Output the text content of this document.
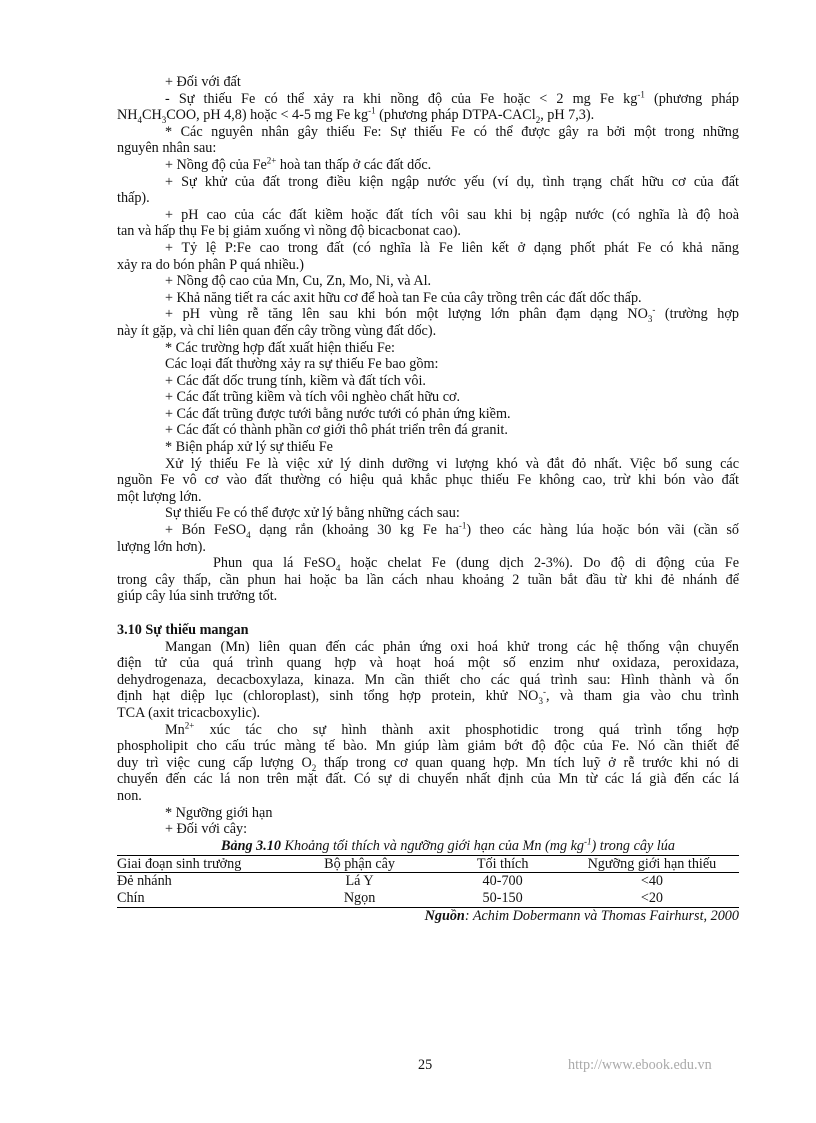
+ Đối với đất
- Sự thiếu Fe có thể xảy ra khi nồng độ của Fe hoặc < 2 mg Fe $kg^{-1}$ (phương pháp
$NH_4CH_3COO$, pH 4,8) hoặc < 4-5 mg Fe $kg^{-1}$ (phương pháp DTPA-CACl$_2$, pH 7,3).
* Các nguyên nhân gây thiếu Fe: Sự thiếu Fe có thể được gây ra bởi một trong những
nguyên nhân sau:
+ Nồng độ của $Fe^{2+}$ hoà tan thấp ở các đất dốc.
+ Sự khử của đất trong điều kiện ngập nước yếu (ví dụ, tình trạng chất hữu cơ của đất
thấp).
+ pH cao của các đất kiềm hoặc đất tích vôi sau khi bị ngập nước (có nghĩa là độ hoà
tan và hấp thụ Fe bị giảm xuống vì nồng độ bicacbonat cao).
+ Tỷ lệ P:Fe cao trong đất (có nghĩa là Fe liên kết ở dạng phốt phát Fe có khả năng
xảy ra do bón phân P quá nhiều.)
+ Nồng độ cao của Mn, Cu, Zn, Mo, Ni, và Al.
+ Khả năng tiết ra các axit hữu cơ để hoà tan Fe của cây trồng trên các đất dốc thấp.
+ pH vùng rễ tăng lên sau khi bón một lượng lớn phân đạm dạng $NO_3^-$ (trường hợp
này ít gặp, và chỉ liên quan đến cây trồng vùng đất dốc).
* Các trường hợp đất xuất hiện thiếu Fe:
Các loại đất thường xảy ra sự thiếu Fe bao gồm:
+ Các đất dốc trung tính, kiềm và đất tích vôi.
+ Các đất trũng kiềm và tích vôi nghèo chất hữu cơ.
+ Các đất trũng được tưới bằng nước tưới có phản ứng kiềm.
+ Các đất có thành phần cơ giới thô phát triển trên đá granit.
* Biện pháp xử lý sự thiếu Fe
Xử lý thiếu Fe là việc xử lý dinh dưỡng vi lượng khó và đắt đỏ nhất. Việc bổ sung các
nguồn Fe vô cơ vào đất thường có hiệu quả khắc phục thiếu Fe không cao, trừ khi bón vào đất
một lượng lớn.
Sự thiếu Fe có thể được xử lý bằng những cách sau:
+ Bón FeSO$_4$ dạng rắn (khoảng 30 kg Fe $ha^{-1}$) theo các hàng lúa hoặc bón vãi (cần số
lượng lớn hơn).
Phun qua lá FeSO$_4$ hoặc chelat Fe (dung dịch 2-3%). Do độ di động của Fe
trong cây thấp, cần phun hai hoặc ba lần cách nhau khoảng 2 tuần bắt đầu từ khi đẻ nhánh để
giúp cây lúa sinh trưởng tốt.
3.10 Sự thiếu mangan
Mangan (Mn) liên quan đến các phản ứng oxi hoá khử trong các hệ thống vận chuyển
điện tử của quá trình quang hợp và hoạt hoá một số enzim như oxidaza, peroxidaza,
dehydrogenaza, decacboxylaza, kinaza. Mn cần thiết cho các quá trình sau: Hình thành và ổn
định hạt diệp lục (chloroplast), sinh tổng hợp protein, khử $NO_3^-$, và tham gia vào chu trình
TCA (axit tricacboxylic).
$Mn^{2+}$ xúc tác cho sự hình thành axit phosphotidic trong quá trình tổng hợp
phospholipit cho cấu trúc màng tế bào. Mn giúp làm giảm bớt độ độc của Fe. Nó cần thiết để
duy trì việc cung cấp lượng $O_2$ thấp trong cơ quan quang hợp. Mn tích luỹ ở rễ trước khi nó di
chuyển đến các lá non trên mặt đất. Có sự di chuyển nhất định của Mn từ các lá già đến các lá
non.
* Ngưỡng giới hạn
+ Đối với cây:
Bảng 3.10 Khoảng tối thích và ngưỡng giới hạn của Mn (mg $kg^{-1}$) trong cây lúa
Giai đoạn sinh trưởng	Bộ phận cây	Tối thích	Ngưỡng giới hạn thiếu
Đẻ nhánh	Lá Y	40-700	<40
Chín	Ngọn	50-150	<20
Nguồn: Achim Dobermann và Thomas Fairhurst, 2000
25	http://www.ebook.edu.vn
